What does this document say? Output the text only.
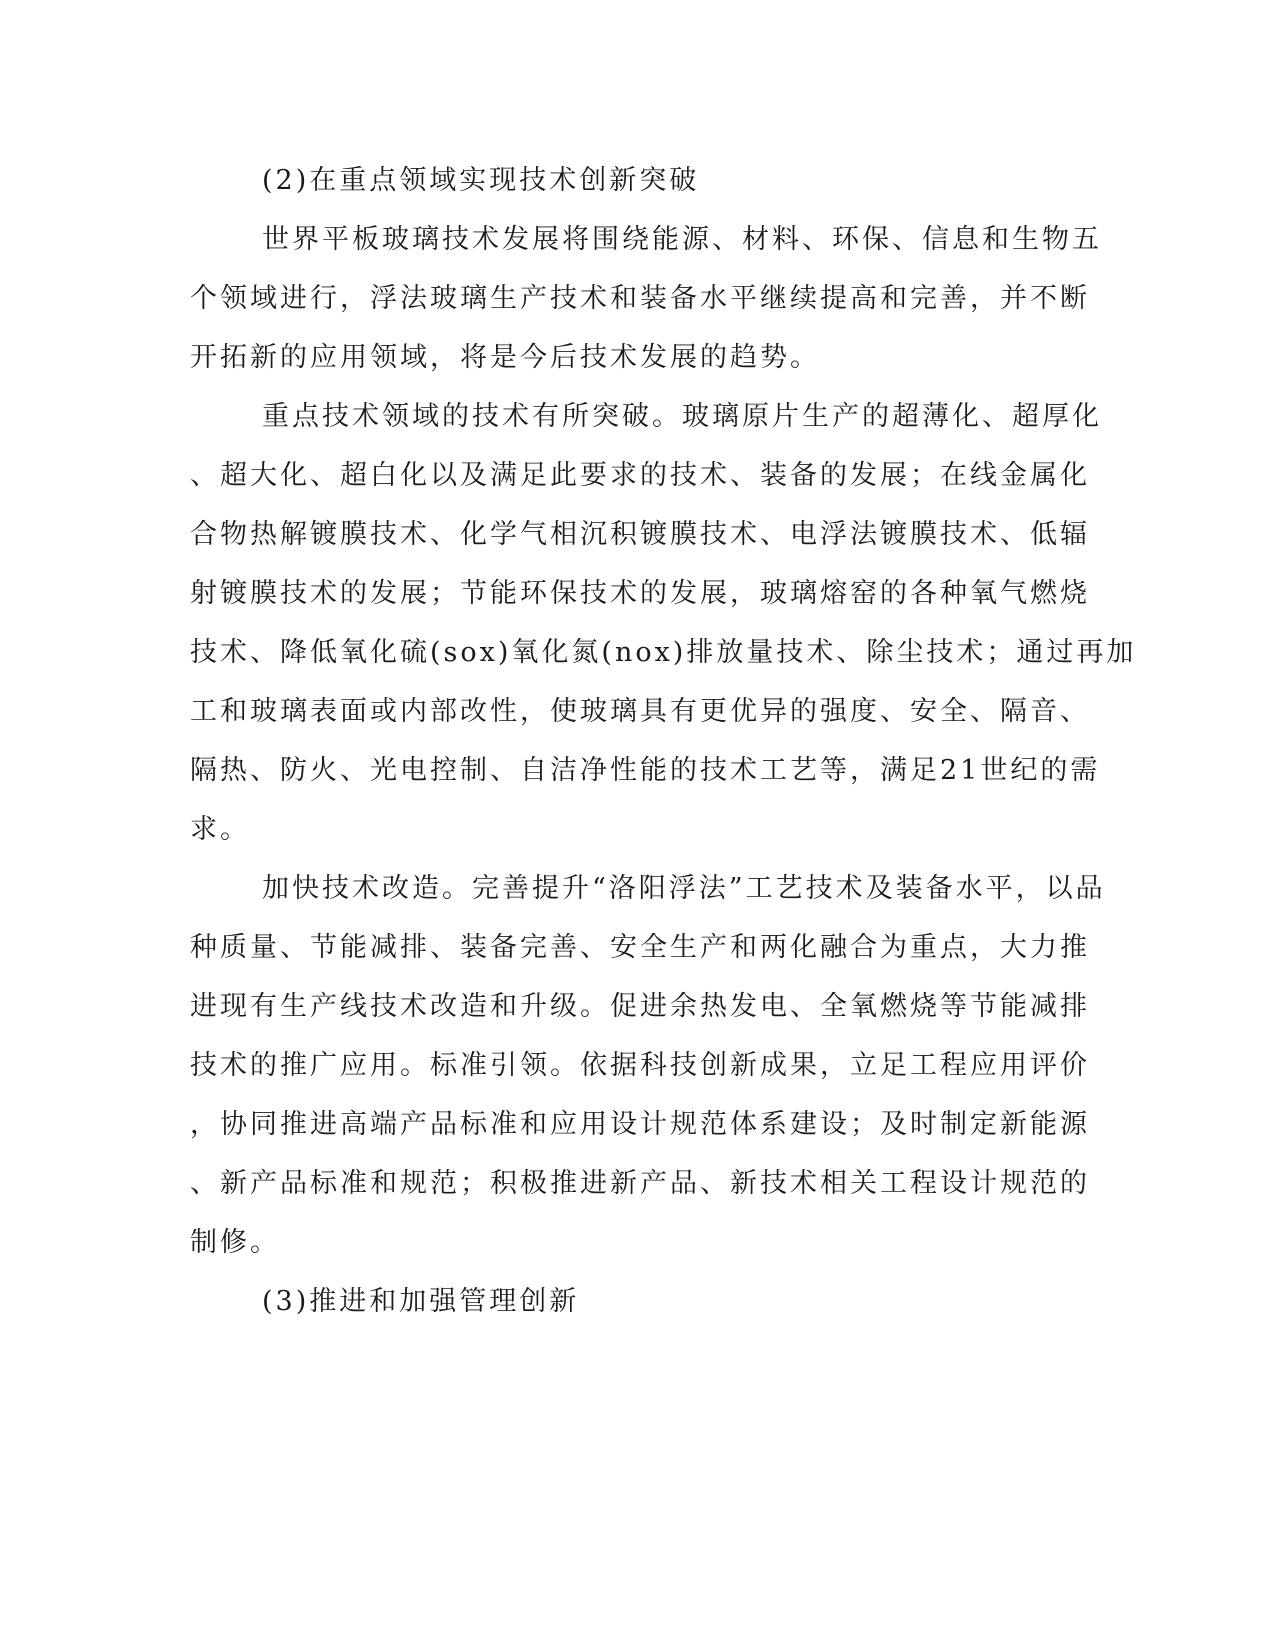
(2)在重点领域实现技术创新突破
世界平板玻璃技术发展将围绕能源、材料、环保、信息和生物五
个领域进行，浮法玻璃生产技术和装备水平继续提高和完善，并不断
开拓新的应用领域，将是今后技术发展的趋势。
重点技术领域的技术有所突破。玻璃原片生产的超薄化、超厚化
、超大化、超白化以及满足此要求的技术、装备的发展；在线金属化
合物热解镀膜技术、化学气相沉积镀膜技术、电浮法镀膜技术、低辐
射镀膜技术的发展；节能环保技术的发展，玻璃熔窑的各种氧气燃烧
技术、降低氧化硫(sox)氧化氮(nox)排放量技术、除尘技术；通过再加
工和玻璃表面或内部改性，使玻璃具有更优异的强度、安全、隔音、
隔热、防火、光电控制、自洁净性能的技术工艺等，满足21世纪的需
求。
加快技术改造。完善提升“洛阳浮法”工艺技术及装备水平，以品
种质量、节能减排、装备完善、安全生产和两化融合为重点，大力推
进现有生产线技术改造和升级。促进余热发电、全氧燃烧等节能减排
技术的推广应用。标准引领。依据科技创新成果，立足工程应用评价
，协同推进高端产品标准和应用设计规范体系建设；及时制定新能源
、新产品标准和规范；积极推进新产品、新技术相关工程设计规范的
制修。
(3)推进和加强管理创新
